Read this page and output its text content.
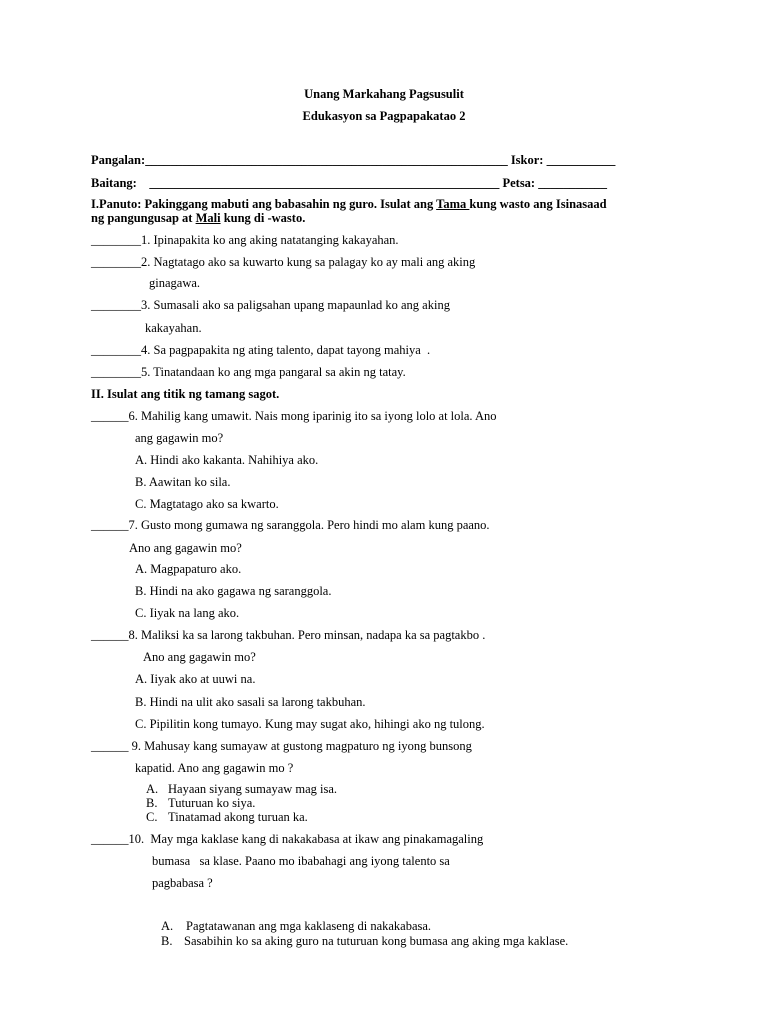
Unang Markahang Pagsusulit
Edukasyon sa Pagpapakatao 2
Pangalan:__________________________________________________________ Iskor: ___________
Baitang: ________________________________________________________ Petsa: ___________
I.Panuto: Pakinggang mabuti ang babasahin ng guro. Isulat ang Tama kung wasto ang Isinasaad
ng pangungusap at Mali kung di -wasto.
________1. Ipinapakita ko ang aking natatanging kakayahan.
________2. Nagtatago ako sa kuwarto kung sa palagay ko ay mali ang aking
ginagawa.
________3. Sumasali ako sa paligsahan upang mapaunlad ko ang aking
kakayahan.
________4. Sa pagpapakita ng ating talento, dapat tayong mahiya  .
________5. Tinatandaan ko ang mga pangaral sa akin ng tatay.
II. Isulat ang titik ng tamang sagot.
______6. Mahilig kang umawit. Nais mong iparinig ito sa iyong lolo at lola. Ano
ang gagawin mo?
A. Hindi ako kakanta. Nahihiya ako.
B. Aawitan ko sila.
C. Magtatago ako sa kwarto.
______7. Gusto mong gumawa ng saranggola. Pero hindi mo alam kung paano.
Ano ang gagawin mo?
A. Magpapaturo ako.
B. Hindi na ako gagawa ng saranggola.
C. Iiyak na lang ako.
______8. Maliksi ka sa larong takbuhan. Pero minsan, nadapa ka sa pagtakbo .
Ano ang gagawin mo?
A. Iiyak ako at uuwi na.
B. Hindi na ulit ako sasali sa larong takbuhan.
C. Pipilitin kong tumayo. Kung may sugat ako, hihingi ako ng tulong.
______ 9. Mahusay kang sumayaw at gustong magpaturo ng iyong bunsong
kapatid. Ano ang gagawin mo ?
A. Hayaan siyang sumayaw mag isa.
B. Tuturuan ko siya.
C. Tinatamad akong turuan ka.
______10.  May mga kaklase kang di nakakabasa at ikaw ang pinakamagaling
bumasa   sa klase. Paano mo ibabahagi ang iyong talento sa
pagbabasa ?
A. Pagtatawanan ang mga kaklaseng di nakakabasa.
B. Sasabihin ko sa aking guro na tuturuan kong bumasa ang aking mga kaklase.
